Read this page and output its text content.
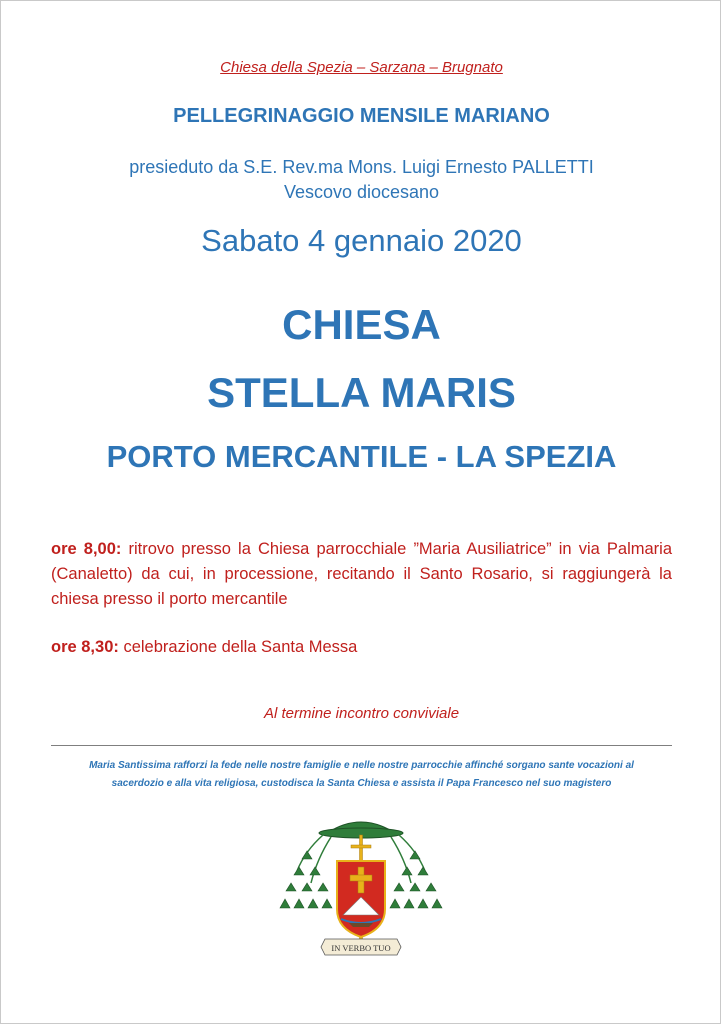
Chiesa della Spezia – Sarzana – Brugnato
PELLEGRINAGGIO MENSILE MARIANO
presieduto da S.E. Rev.ma Mons. Luigi Ernesto PALLETTI
Vescovo diocesano
Sabato 4 gennaio 2020
CHIESA
STELLA MARIS
PORTO MERCANTILE - LA SPEZIA
ore 8,00: ritrovo presso la Chiesa parrocchiale ”Maria Ausiliatrice” in via Palmaria (Canaletto) da cui, in processione, recitando il Santo Rosario, si raggiungerà la chiesa presso il porto mercantile
ore 8,30: celebrazione della Santa Messa
Al termine incontro conviviale
Maria Santissima rafforzi la fede nelle nostre famiglie e nelle nostre parrocchie affinché sorgano sante vocazioni al
sacerdozio e alla vita religiosa, custodisca la Santa Chiesa e assista il Papa Francesco nel suo magistero
IN VERBO TUO
